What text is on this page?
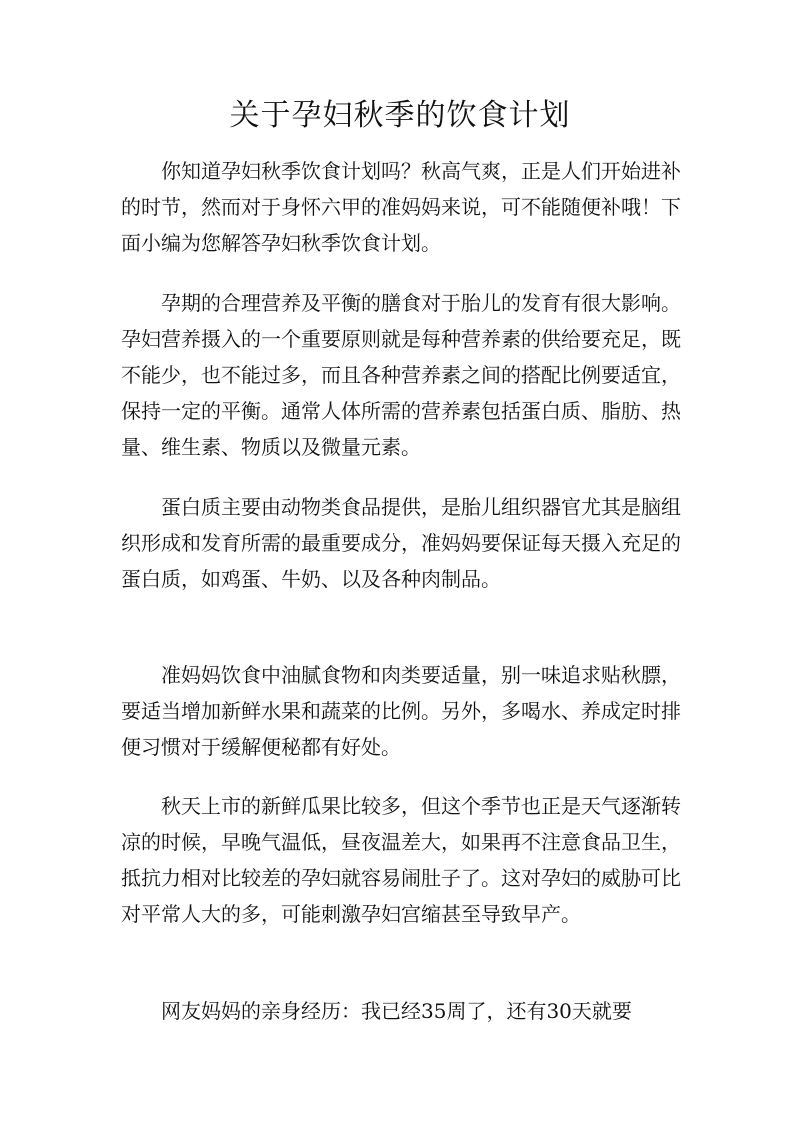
关于孕妇秋季的饮食计划

你知道孕妇秋季饮食计划吗？秋高气爽，正是人们开始进补的时节，然而对于身怀六甲的准妈妈来说，可不能随便补哦！下面小编为您解答孕妇秋季饮食计划。

孕期的合理营养及平衡的膳食对于胎儿的发育有很大影响。孕妇营养摄入的一个重要原则就是每种营养素的供给要充足，既不能少，也不能过多，而且各种营养素之间的搭配比例要适宜，保持一定的平衡。通常人体所需的营养素包括蛋白质、脂肪、热量、维生素、物质以及微量元素。

蛋白质主要由动物类食品提供，是胎儿组织器官尤其是脑组织形成和发育所需的最重要成分，准妈妈要保证每天摄入充足的蛋白质，如鸡蛋、牛奶、以及各种肉制品。

准妈妈饮食中油腻食物和肉类要适量，别一味追求贴秋膘，要适当增加新鲜水果和蔬菜的比例。另外，多喝水、养成定时排便习惯对于缓解便秘都有好处。

秋天上市的新鲜瓜果比较多，但这个季节也正是天气逐渐转凉的时候，早晚气温低，昼夜温差大，如果再不注意食品卫生，抵抗力相对比较差的孕妇就容易闹肚子了。这对孕妇的威胁可比对平常人大的多，可能刺激孕妇宫缩甚至导致早产。

网友妈妈的亲身经历：我已经35周了，还有30天就要
